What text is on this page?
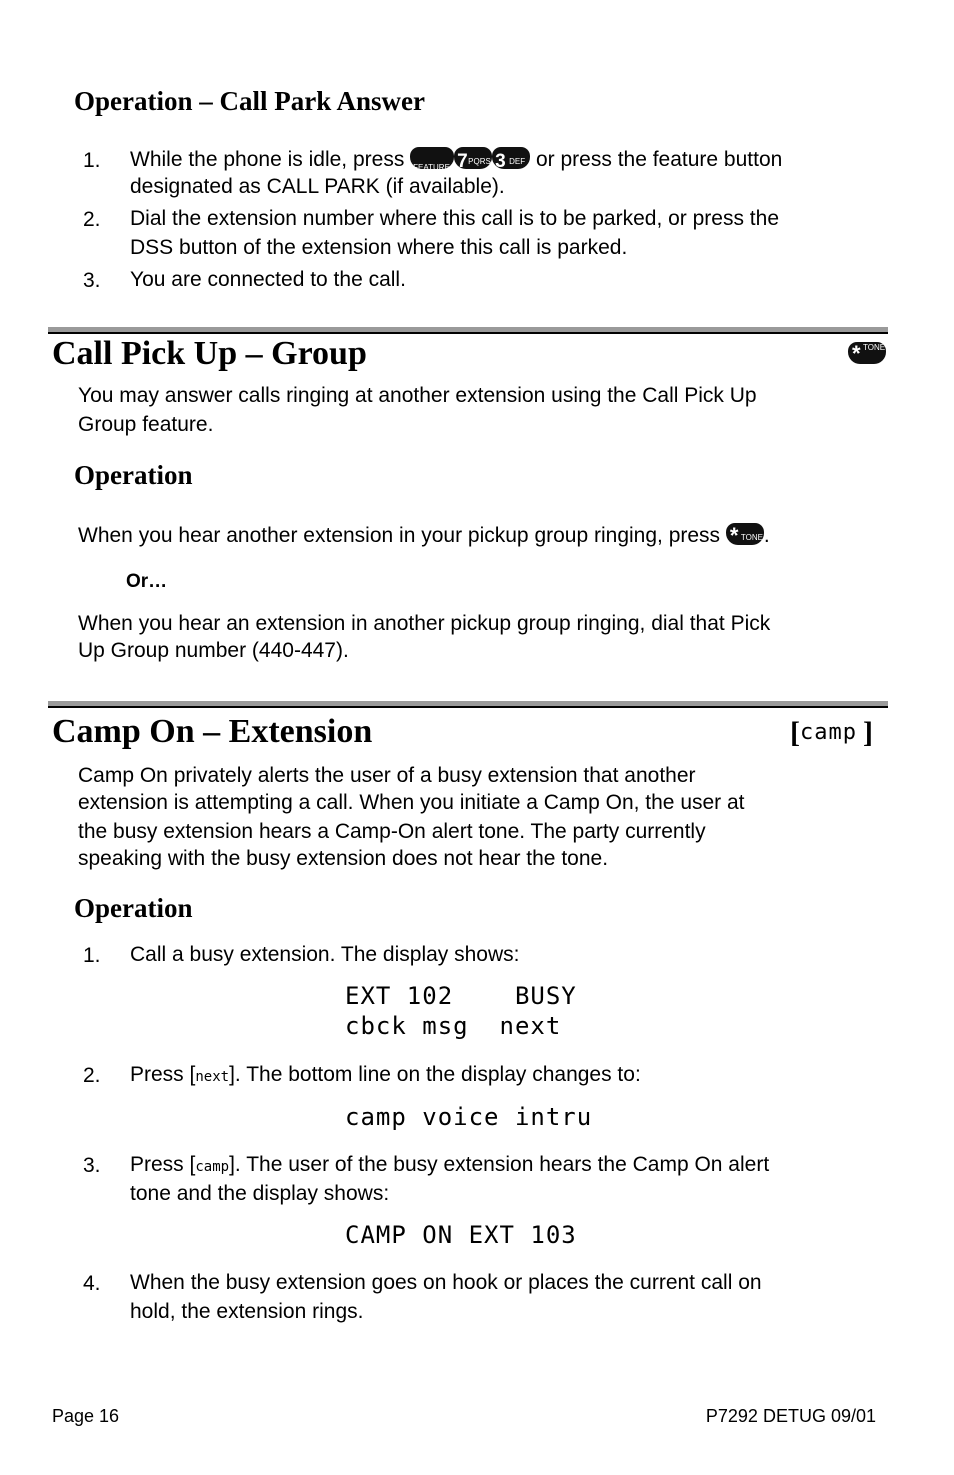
Operation – Call Park Answer
1. While the phone is idle, press FEATURE 7 PQRS 3 DEF or press the feature button
designated as CALL PARK (if available).
2. Dial the extension number where this call is to be parked, or press the
DSS button of the extension where this call is parked.
3. You are connected to the call.
Call Pick Up – Group	* TONE
You may answer calls ringing at another extension using the Call Pick Up
Group feature.
Operation
When you hear another extension in your pickup group ringing, press * TONE .
Or…
When you hear an extension in another pickup group ringing, dial that Pick
Up Group number (440-447).
Camp On – Extension	[camp ]
Camp On privately alerts the user of a busy extension that another
extension is attempting a call. When you initiate a Camp On, the user at
the busy extension hears a Camp-On alert tone. The party currently
speaking with the busy extension does not hear the tone.
Operation
1. Call a busy extension. The display shows:
EXT 102    BUSY
cbck msg  next
2. Press [next]. The bottom line on the display changes to:
camp voice intru
3. Press [camp]. The user of the busy extension hears the Camp On alert
tone and the display shows:
CAMP ON EXT 103
4. When the busy extension goes on hook or places the current call on
hold, the extension rings.
Page 16	P7292 DETUG 09/01
